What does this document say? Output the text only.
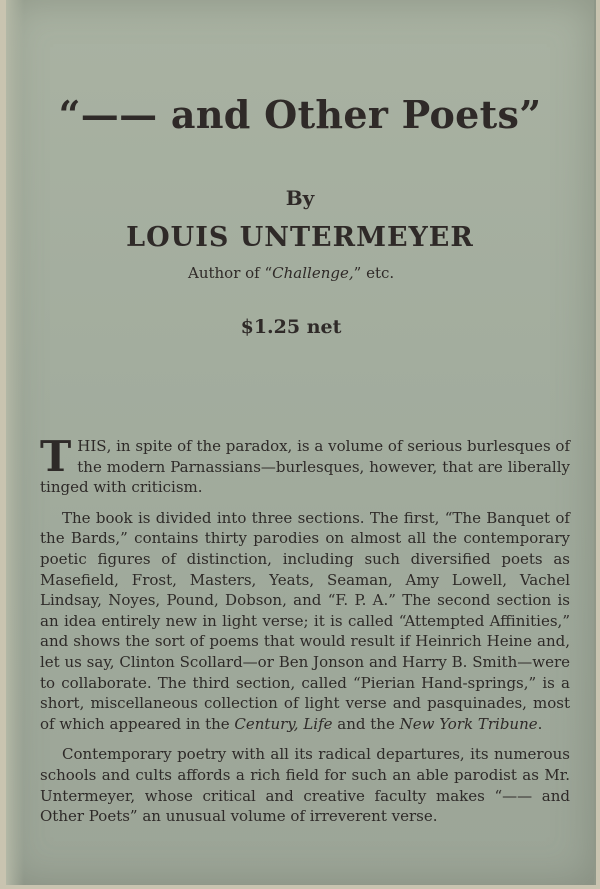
“—— and Other Poets”
By
LOUIS UNTERMEYER
Author of “Challenge,” etc.
$1.25 net

THIS, in spite of the paradox, is a volume of serious burlesques of the modern Parnassians—burlesques, however, that are liberally tinged with criticism.

The book is divided into three sections. The first, “The Banquet of the Bards,” contains thirty parodies on almost all the contemporary poetic figures of distinction, including such diversified poets as Masefield, Frost, Masters, Yeats, Seaman, Amy Lowell, Vachel Lindsay, Noyes, Pound, Dobson, and “F. P. A.” The second section is an idea entirely new in light verse; it is called “Attempted Affinities,” and shows the sort of poems that would result if Heinrich Heine and, let us say, Clinton Scollard—or Ben Jonson and Harry B. Smith—were to collaborate. The third section, called “Pierian Hand-springs,” is a short, miscellaneous collection of light verse and pasquinades, most of which appeared in the Century, Life and the New York Tribune.

Contemporary poetry with all its radical departures, its numerous schools and cults affords a rich field for such an able parodist as Mr. Untermeyer, whose critical and creative faculty makes “—— and Other Poets” an unusual volume of irreverent verse.
